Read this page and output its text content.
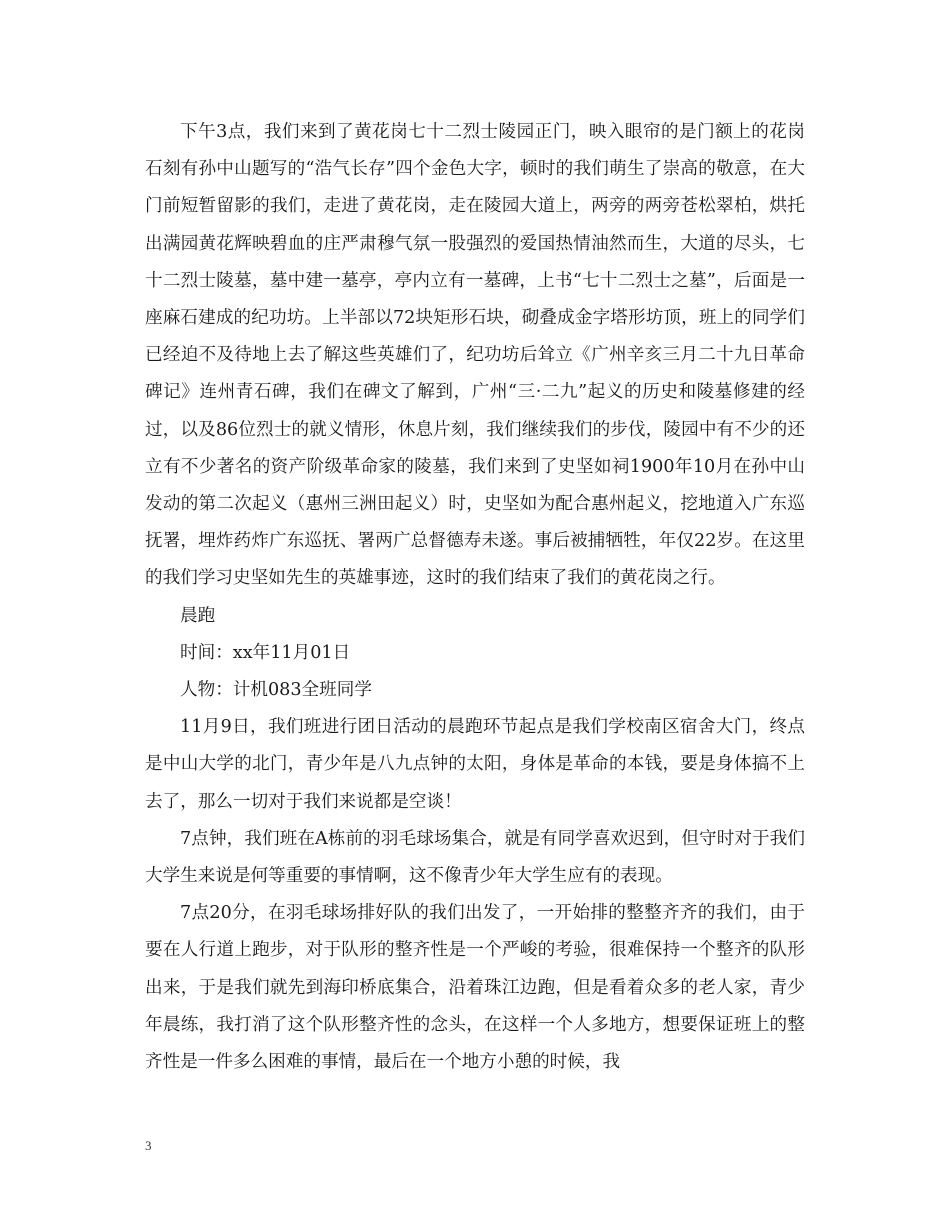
下午3点，我们来到了黄花岗七十二烈士陵园正门，映入眼帘的是门额上的花岗石刻有孙中山题写的“浩气长存”四个金色大字，顿时的我们萌生了崇高的敬意，在大门前短暂留影的我们，走进了黄花岗，走在陵园大道上，两旁的两旁苍松翠柏，烘托出满园黄花辉映碧血的庄严肃穆气氛一股强烈的爱国热情油然而生，大道的尽头，七十二烈士陵墓，墓中建一墓亭，亭内立有一墓碑，上书“七十二烈士之墓”，后面是一座麻石建成的纪功坊。上半部以72块矩形石块，砌叠成金字塔形坊顶，班上的同学们已经迫不及待地上去了解这些英雄们了，纪功坊后耸立《广州辛亥三月二十九日革命碑记》连州青石碑，我们在碑文了解到，广州“三·二九”起义的历史和陵墓修建的经过，以及86位烈士的就义情形，休息片刻，我们继续我们的步伐，陵园中有不少的还立有不少著名的资产阶级革命家的陵墓，我们来到了史坚如祠1900年10月在孙中山发动的第二次起义（惠州三洲田起义）时，史坚如为配合惠州起义，挖地道入广东巡抚署，埋炸药炸广东巡抚、署两广总督德寿未遂。事后被捕牺牲，年仅22岁。在这里的我们学习史坚如先生的英雄事迹，这时的我们结束了我们的黄花岗之行。

晨跑

时间：xx年11月01日

人物：计机083全班同学

11月9日，我们班进行团日活动的晨跑环节起点是我们学校南区宿舍大门，终点是中山大学的北门，青少年是八九点钟的太阳，身体是革命的本钱，要是身体搞不上去了，那么一切对于我们来说都是空谈！

7点钟，我们班在A栋前的羽毛球场集合，就是有同学喜欢迟到，但守时对于我们大学生来说是何等重要的事情啊，这不像青少年大学生应有的表现。

7点20分，在羽毛球场排好队的我们出发了，一开始排的整整齐齐的我们，由于要在人行道上跑步，对于队形的整齐性是一个严峻的考验，很难保持一个整齐的队形出来，于是我们就先到海印桥底集合，沿着珠江边跑，但是看着众多的老人家，青少年晨练，我打消了这个队形整齐性的念头，在这样一个人多地方，想要保证班上的整齐性是一件多么困难的事情，最后在一个地方小憩的时候，我

3
